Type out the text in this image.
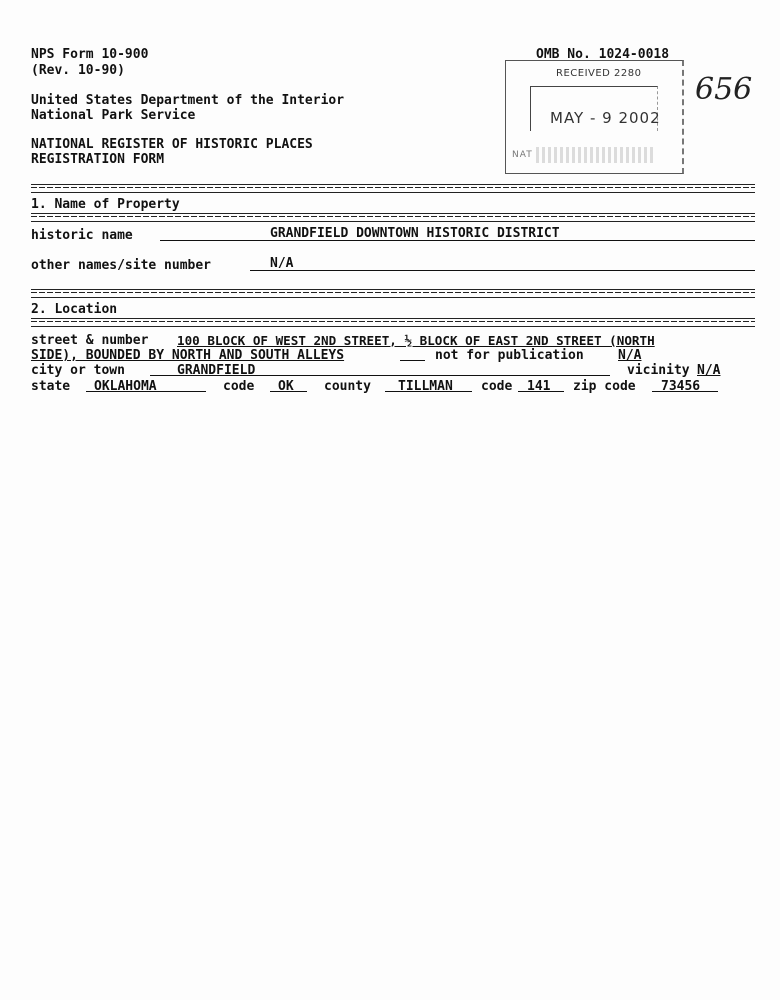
NPS Form 10-900
(Rev. 10-90)
OMB No. 1024-0018
United States Department of the Interior
National Park Service
NATIONAL REGISTER OF HISTORIC PLACES
REGISTRATION FORM
RECEIVED 2280
MAY - 9 2002
NAT
656
1. Name of Property
historic name	GRANDFIELD DOWNTOWN HISTORIC DISTRICT
other names/site number	N/A
2. Location
street & number 100 BLOCK OF WEST 2ND STREET, ½ BLOCK OF EAST 2ND STREET (NORTH
SIDE), BOUNDED BY NORTH AND SOUTH ALLEYS	not for publication	N/A
city or town	GRANDFIELD	vicinity N/A
state OKLAHOMA	code OK county TILLMAN code 141 zip code 73456
